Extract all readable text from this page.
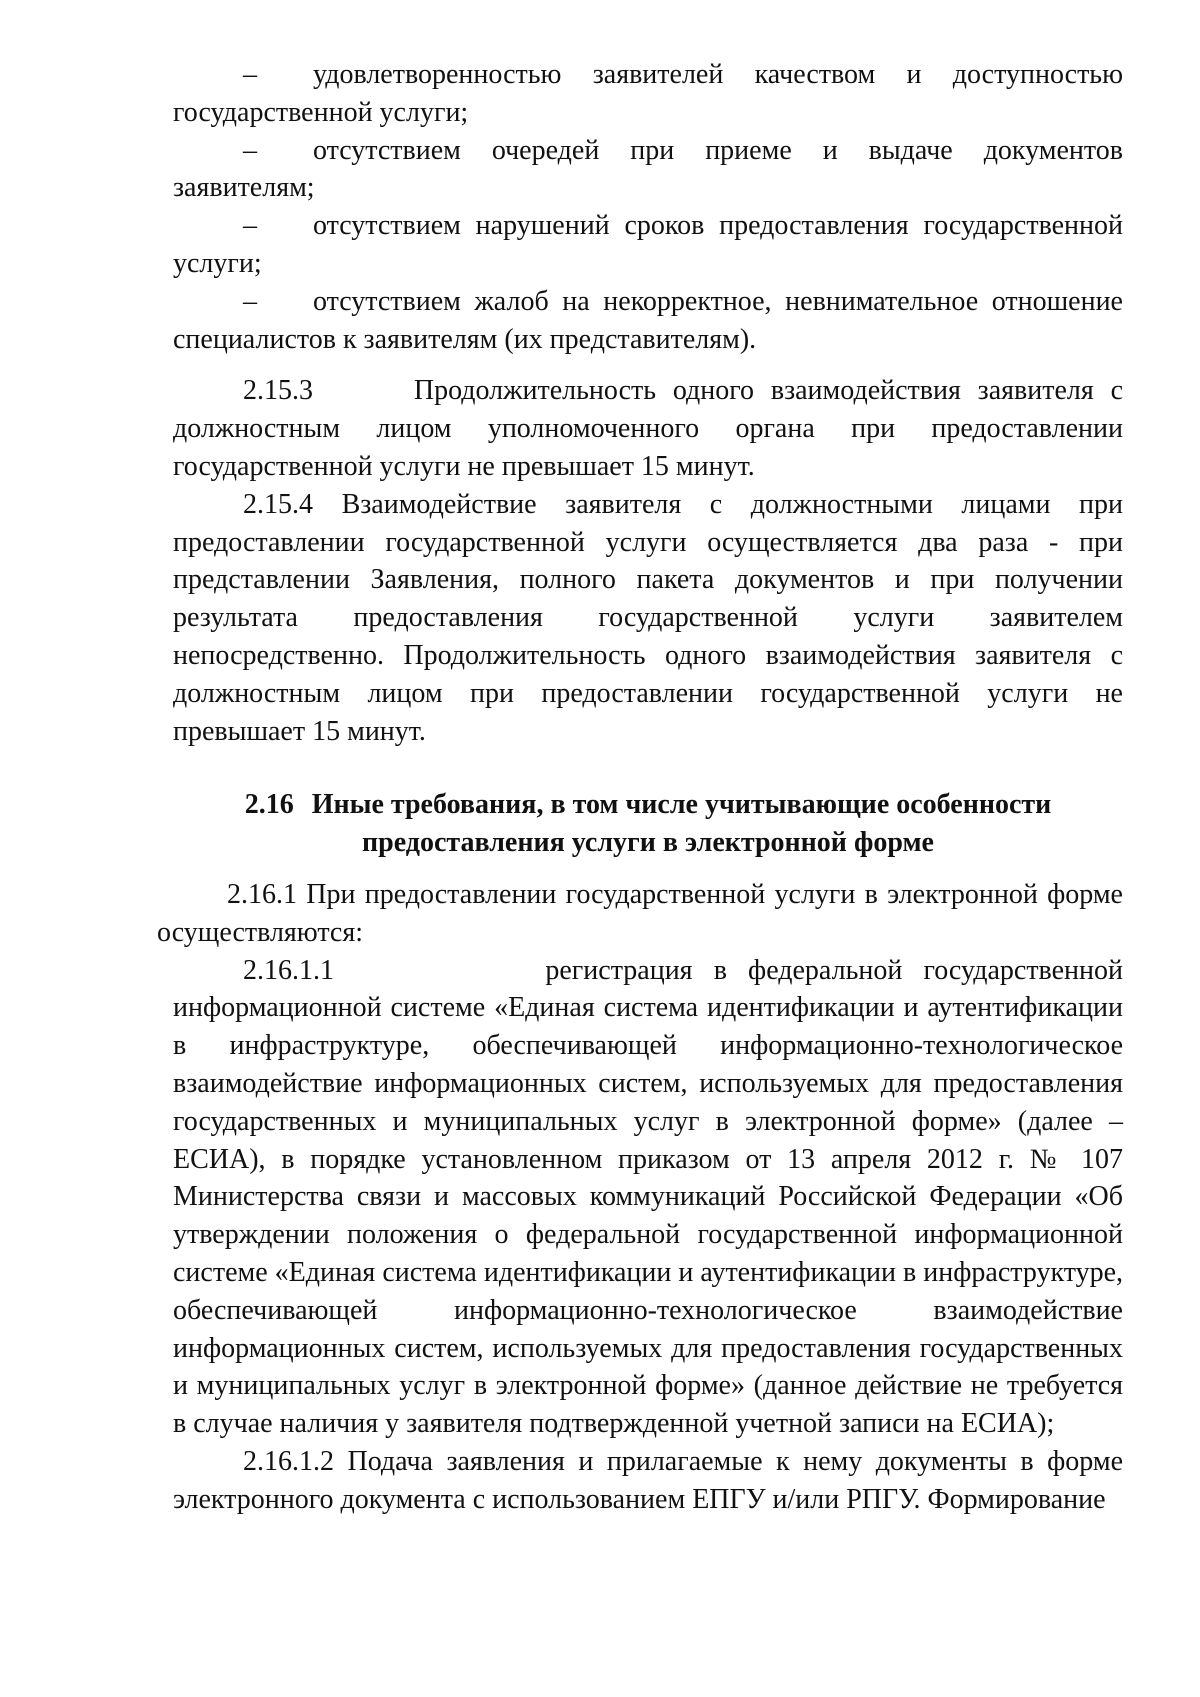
– удовлетворенностью заявителей качеством и доступностью государственной услуги;

– отсутствием очередей при приеме и выдаче документов заявителям;

– отсутствием нарушений сроков предоставления государственной услуги;

– отсутствием жалоб на некорректное, невнимательное отношение специалистов к заявителям (их представителям).

2.15.3	Продолжительность одного взаимодействия заявителя с должностным лицом уполномоченного органа при предоставлении государственной услуги не превышает 15 минут.

2.15.4 Взаимодействие заявителя с должностными лицами при предоставлении государственной услуги осуществляется два раза - при представлении Заявления, полного пакета документов и при получении результата предоставления государственной услуги заявителем непосредственно. Продолжительность одного взаимодействия заявителя с должностным лицом при предоставлении государственной услуги не превышает 15 минут.

2.16 Иные требования, в том числе учитывающие особенности

предоставления услуги в электронной форме

2.16.1 При предоставлении государственной услуги в электронной форме осуществляются:

2.16.1.1	регистрация в федеральной государственной информационной системе «Единая система идентификации и аутентификации в инфраструктуре, обеспечивающей информационно-технологическое взаимодействие информационных систем, используемых для предоставления государственных и муниципальных услуг в электронной форме» (далее – ЕСИА), в порядке установленном приказом от 13 апреля 2012 г. № 107 Министерства связи и массовых коммуникаций Российской Федерации «Об утверждении положения о федеральной государственной информационной системе «Единая система идентификации и аутентификации в инфраструктуре, обеспечивающей информационно-технологическое взаимодействие информационных систем, используемых для предоставления государственных и муниципальных услуг в электронной форме» (данное действие не требуется в случае наличия у заявителя подтвержденной учетной записи на ЕСИА);

2.16.1.2 Подача заявления и прилагаемые к нему документы в форме электронного документа с использованием ЕПГУ и/или РПГУ. Формирование
